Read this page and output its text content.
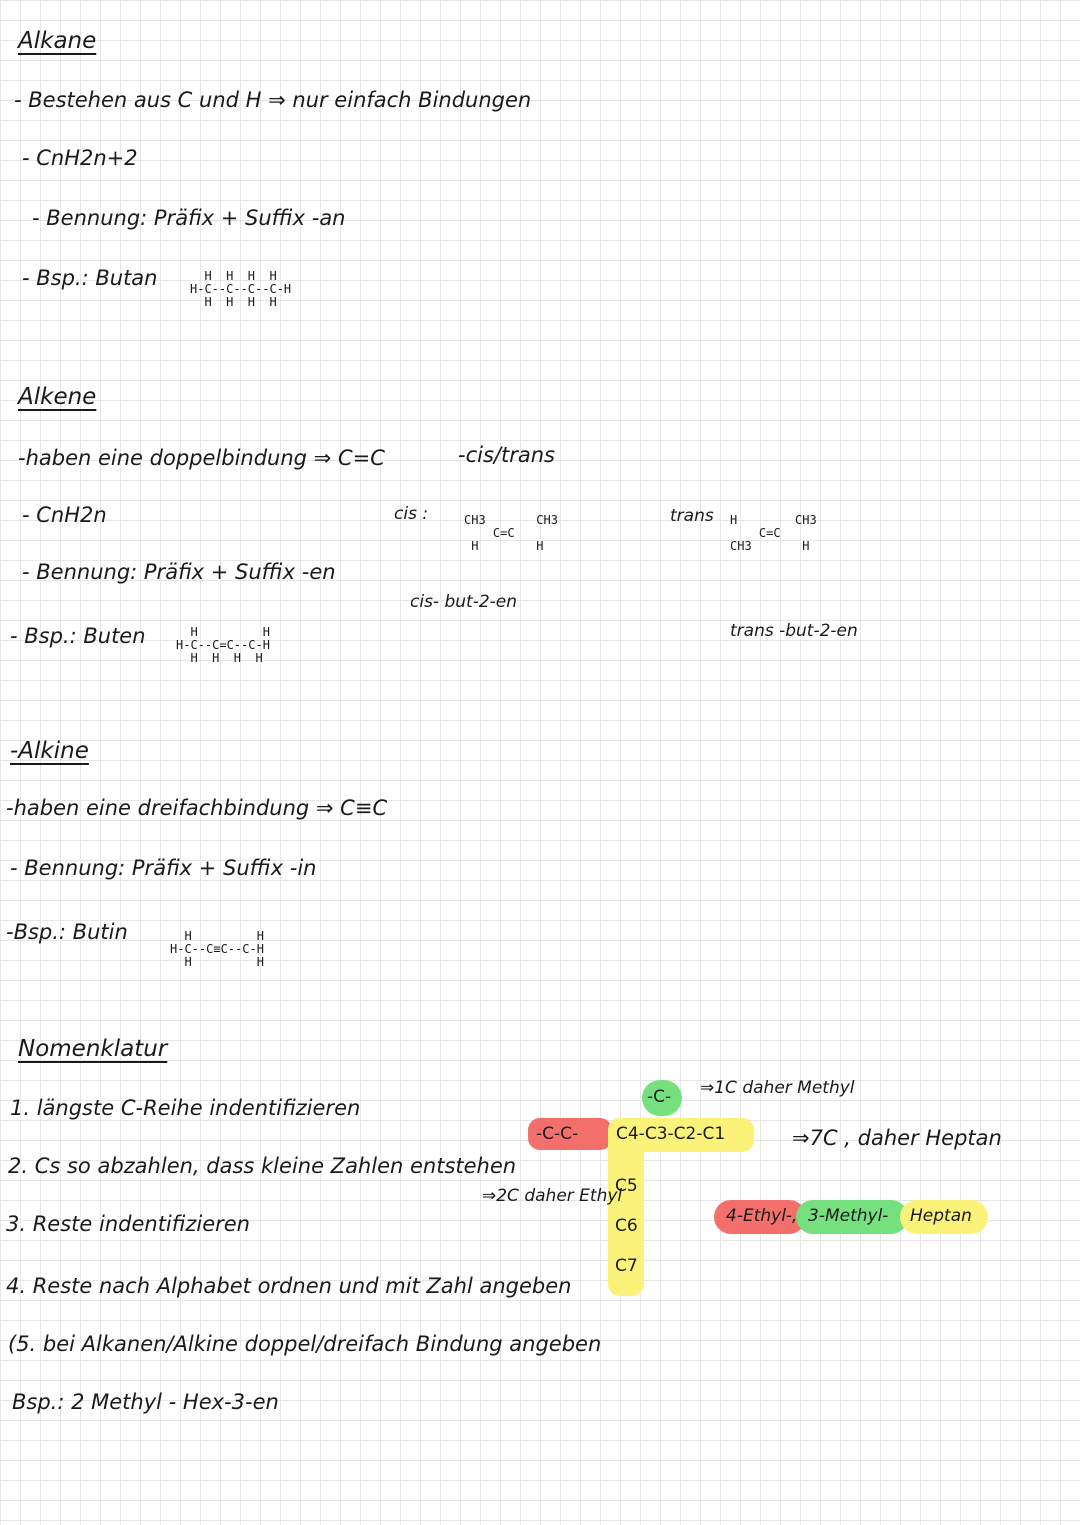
Alkane
- Bestehen aus C und H ⇒ nur einfach Bindungen
- CnH2n+2
- Bennung: Präfix + Suffix -an
- Bsp.: Butan	H  H  H  H
H-C--C--C--C-H
H  H  H  H
Alkene
-haben eine doppelbindung ⇒ C=C
- CnH2n
- Bennung: Präfix + Suffix -en
- Bsp.: Buten	H         H
H-C--C=C--C-H
H  H  H  H
-cis/trans
cis :	CH3       CH3
C=C
H        H
cis- but-2-en
trans H        CH3
C=C
CH3       H
trans -but-2-en
-Alkine
-haben eine dreifachbindung ⇒ C≡C
- Bennung: Präfix + Suffix -in
-Bsp.: Butin	H         H
H-C--C≡C--C-H
H         H
Nomenklatur
1. längste C-Reihe indentifizieren
2. Cs so abzahlen, dass kleine Zahlen entstehen
3. Reste indentifizieren
4. Reste nach Alphabet ordnen und mit Zahl angeben
(5. bei Alkanen/Alkine doppel/dreifach Bindung angeben
Bsp.: 2 Methyl - Hex-3-en
-C-
-C-C- C4-C3-C2-C1
C5
C6
C7
⇒1C daher Methyl
⇒7C , daher Heptan
⇒2C daher Ethyl
4-Ethyl-, 3-Methyl- Heptan
